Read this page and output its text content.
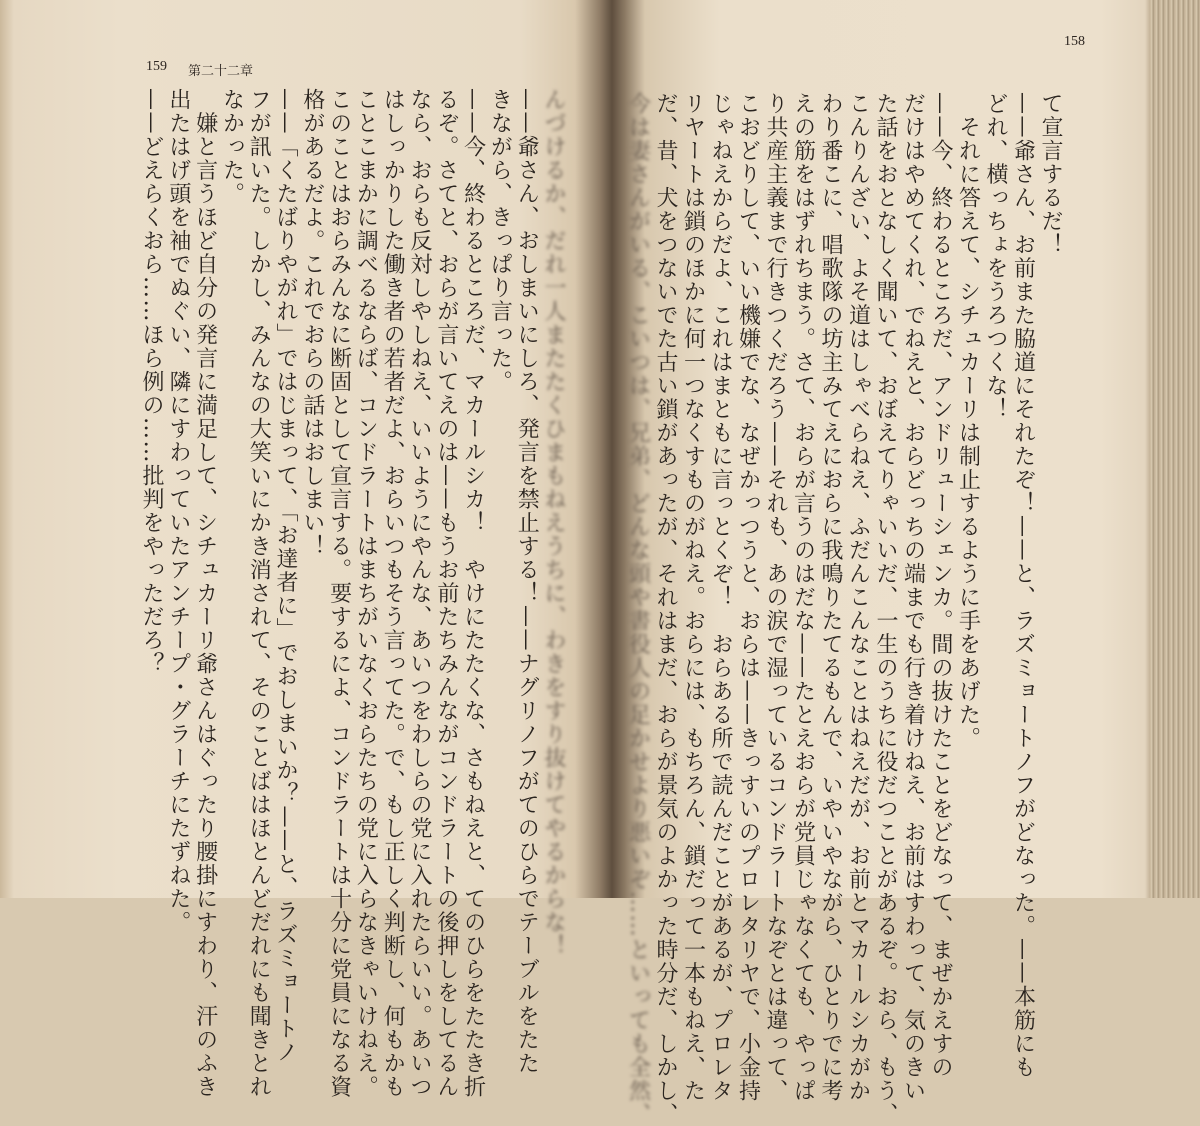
158
159 第二十二章
て宣言するだ！
——爺さん、お前また脇道にそれたぞ！——と、ラズミョートノフがどなった。——本筋にも
どれ、横っちょをうろつくな！
　それに答えて、シチュカーリは制止するように手をあげた。
——今、終わるところだ、アンドリューシェンカ。間の抜けたことをどなって、まぜかえすの
だけはやめてくれ、でねえと、おらどっちの端までも行き着けねえ、お前はすわって、気のきい
た話をおとなしく聞いて、おぼえてりゃいいだ、一生のうちに役だつことがあるぞ。おら、もう、
こんりんざい、よそ道はしゃべらねえ、ふだんこんなことはねえだが、お前とマカールシカがか
わり番こに、唱歌隊の坊主みてえにおらに我鳴りたてるもんで、いやいやながら、ひとりでに考
えの筋をはずれちまう。さて、おらが言うのはだな——たとえおらが党員じゃなくても、やっぱ
り共産主義まで行きつくだろう——それも、あの涙で湿っているコンドラートなぞとは違って、
こおどりして、いい機嫌でな、なぜかっつうと、おらは——きっすいのプロレタリヤで、小金持
じゃねえからだよ、これはまともに言っとくぞ！　おらある所で読んだことがあるが、プロレタ
リヤートは鎖のほかに何一つなくすものがねえ。おらには、もちろん、鎖だって一本もねえ、た
だ、昔、犬をつないでた古い鎖があったが、それはまだ、おらが景気のよかった時分だ、しかし、
今は妻さんがいる、こいつは、兄弟、どんな頭や書役人の足かせより悪いぞ……といっても全然、
んづけるか、だれ一人またたくひまもねえうちに、わきをすり抜けてやるからな！
——爺さん、おしまいにしろ、発言を禁止する！——ナグリノフがてのひらでテーブルをたた
きながら、きっぱり言った。
——今、終わるところだ、マカールシカ！　やけにたたくな、さもねえと、てのひらをたたき折
るぞ。さてと、おらが言いてえのは——もうお前たちみんながコンドラートの後押しをしてるん
なら、おらも反対しやしねえ、いいようにやんな、あいつをわしらの党に入れたらいい。あいつ
はしっかりした働き者の若者だよ、おらいつもそう言ってた。で、もし正しく判断し、何もかも
ことこまかに調べるならば、コンドラートはまちがいなくおらたちの党に入らなきゃいけねえ。
このことはおらみんなに断固として宣言する。要するによ、コンドラートは十分に党員になる資
格があるだよ。これでおらの話はおしまい！
——「くたばりやがれ」ではじまって、「お達者に」でおしまいか？——と、ラズミョートノ
フが訊いた。しかし、みんなの大笑いにかき消されて、そのことばはほとんどだれにも聞きとれ
なかった。
　嫌と言うほど自分の発言に満足して、シチュカーリ爺さんはぐったり腰掛にすわり、汗のふき
出たはげ頭を袖でぬぐい、隣にすわっていたアンチープ・グラーチにたずねた。
——どえらくおら……ほら例の……批判をやっただろ？
